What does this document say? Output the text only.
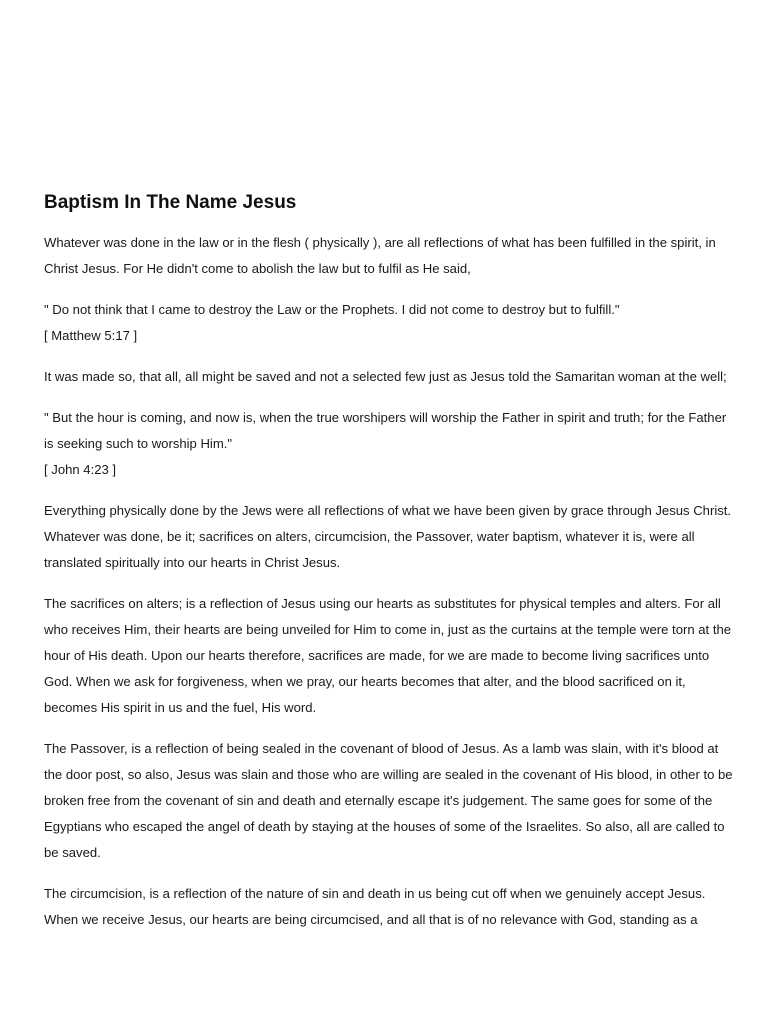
Baptism In The Name Jesus

Whatever was done in the law or in the flesh ( physically ), are all reflections of what has been fulfilled in the spirit, in Christ Jesus. For He didn't come to abolish the law but to fulfil as He said,

" Do not think that I came to destroy the Law or the Prophets. I did not come to destroy but to fulfill."

[ Matthew 5:17 ]

It was made so, that all, all might be saved and not a selected few just as Jesus told the Samaritan woman at the well;

" But the hour is coming, and now is, when the true worshipers will worship the Father in spirit and truth; for the Father is seeking such to worship Him."

[ John 4:23 ]

Everything physically done by the Jews were all reflections of what we have been given by grace through Jesus Christ. Whatever was done, be it; sacrifices on alters, circumcision, the Passover, water baptism, whatever it is, were all translated spiritually into our hearts in Christ Jesus.

The sacrifices on alters; is a reflection of Jesus using our hearts as substitutes for physical temples and alters. For all who receives Him, their hearts are being unveiled for Him to come in, just as the curtains at the temple were torn at the hour of His death. Upon our hearts therefore, sacrifices are made, for we are made to become living sacrifices unto God. When we ask for forgiveness, when we pray, our hearts becomes that alter, and the blood sacrificed on it, becomes His spirit in us and the fuel, His word.

The Passover, is a reflection of being sealed in the covenant of blood of Jesus. As a lamb was slain, with it's blood at the door post, so also, Jesus was slain and those who are willing are sealed in the covenant of His blood, in other to be broken free from the covenant of sin and death and eternally escape it's judgement. The same goes for some of the Egyptians who escaped the angel of death by staying at the houses of some of the Israelites. So also, all are called to be saved.

The circumcision, is a reflection of the nature of sin and death in us being cut off when we genuinely accept Jesus. When we receive Jesus, our hearts are being circumcised, and all that is of no relevance with God, standing as a
